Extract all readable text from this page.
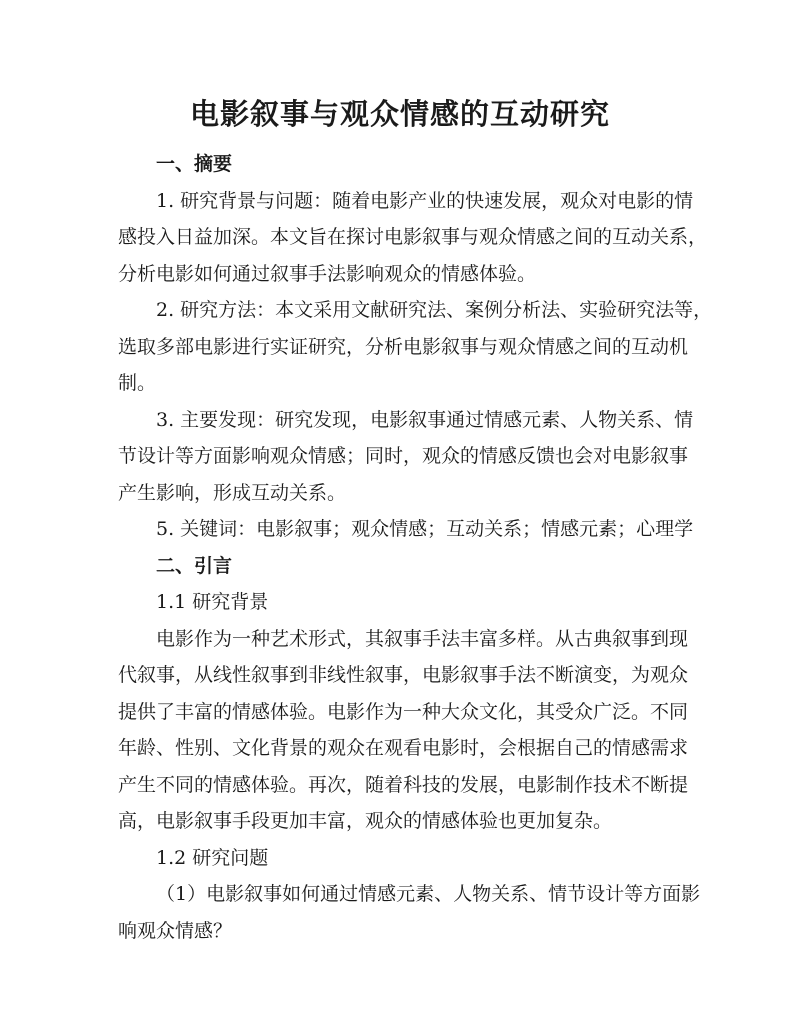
电影叙事与观众情感的互动研究
一、摘要
1. 研究背景与问题：随着电影产业的快速发展，观众对电影的情
感投入日益加深。本文旨在探讨电影叙事与观众情感之间的互动关系，
分析电影如何通过叙事手法影响观众的情感体验。
2. 研究方法：本文采用文献研究法、案例分析法、实验研究法等，
选取多部电影进行实证研究，分析电影叙事与观众情感之间的互动机
制。
3. 主要发现：研究发现，电影叙事通过情感元素、人物关系、情
节设计等方面影响观众情感；同时，观众的情感反馈也会对电影叙事
产生影响，形成互动关系。
5. 关键词：电影叙事；观众情感；互动关系；情感元素；心理学
二、引言
1.1 研究背景
电影作为一种艺术形式，其叙事手法丰富多样。从古典叙事到现
代叙事，从线性叙事到非线性叙事，电影叙事手法不断演变，为观众
提供了丰富的情感体验。电影作为一种大众文化，其受众广泛。不同
年龄、性别、文化背景的观众在观看电影时，会根据自己的情感需求
产生不同的情感体验。再次，随着科技的发展，电影制作技术不断提
高，电影叙事手段更加丰富，观众的情感体验也更加复杂。
1.2 研究问题
（1）电影叙事如何通过情感元素、人物关系、情节设计等方面影
响观众情感？
